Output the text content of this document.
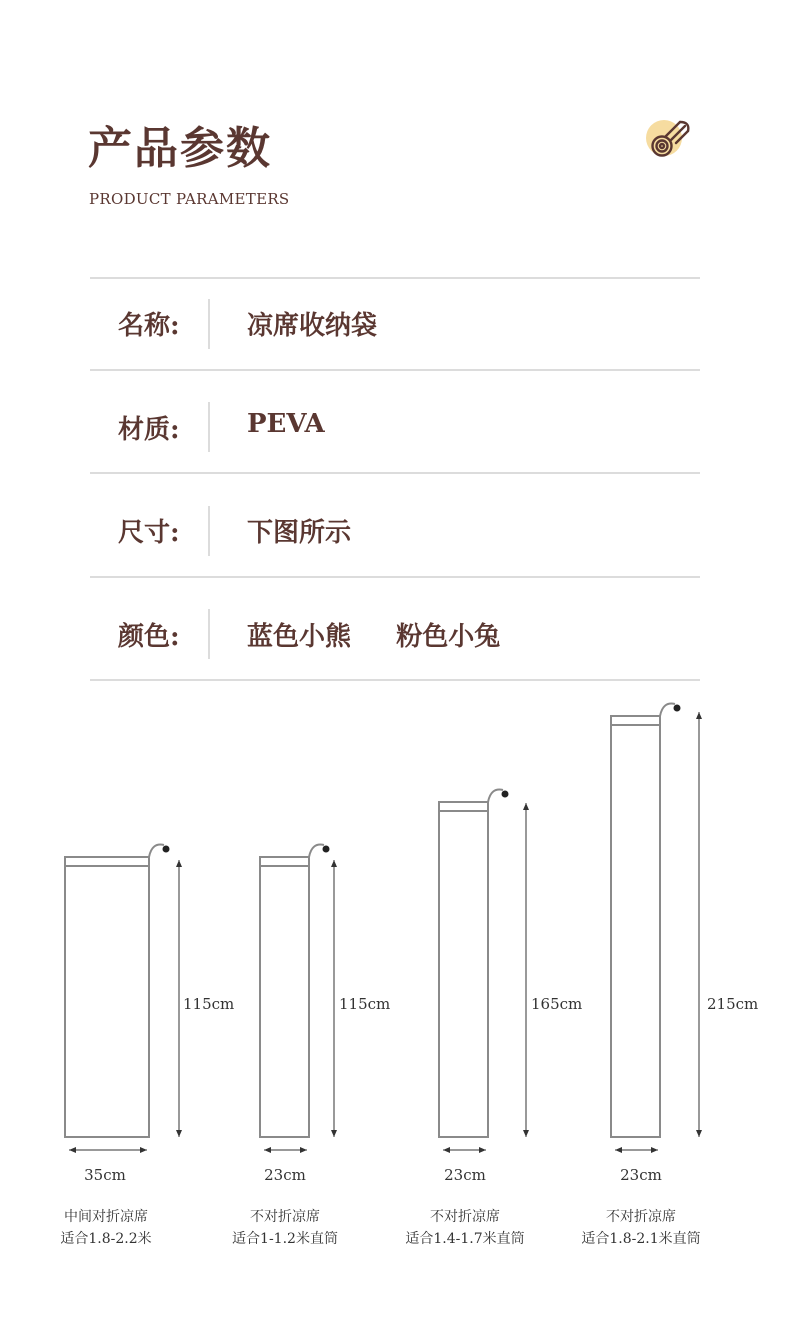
产品参数
PRODUCT PARAMETERS
名称:	凉席收纳袋
材质:	PEVA
尺寸:	下图所示
颜色:	蓝色小熊     粉色小兔
115cm
35cm
115cm
23cm
165cm
23cm
215cm
23cm
中间对折凉席
适合1.8-2.2米
不对折凉席
适合1-1.2米直筒
不对折凉席
适合1.4-1.7米直筒
不对折凉席
适合1.8-2.1米直筒
